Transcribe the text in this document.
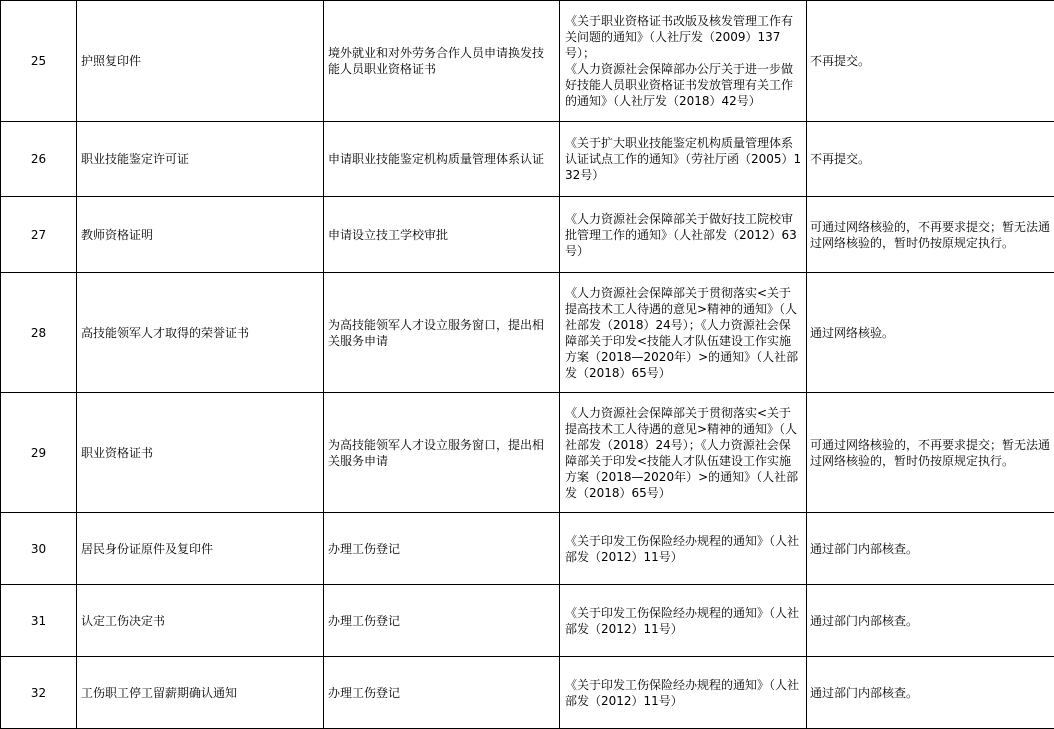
25	护照复印件	境外就业和对外劳务合作人员申请换发技能人员职业资格证书	《关于职业资格证书改版及核发管理工作有关问题的通知》（人社厅发（2009）137号）；
《人力资源社会保障部办公厅关于进一步做好技能人员职业资格证书发放管理有关工作的通知》（人社厅发（2018）42号）	不再提交。
26	职业技能鉴定许可证	申请职业技能鉴定机构质量管理体系认证	《关于扩大职业技能鉴定机构质量管理体系认证试点工作的通知》（劳社厅函（2005）132号）	不再提交。
27	教师资格证明	申请设立技工学校审批	《人力资源社会保障部关于做好技工院校审批管理工作的通知》（人社部发（2012）63号）	可通过网络核验的，不再要求提交；暂无法通过网络核验的，暂时仍按原规定执行。
28	高技能领军人才取得的荣誉证书	为高技能领军人才设立服务窗口，提出相关服务申请	《人力资源社会保障部关于贯彻落实<关于提高技术工人待遇的意见>精神的通知》（人社部发（2018）24号）；《人力资源社会保障部关于印发<技能人才队伍建设工作实施方案（2018—2020年）>的通知》（人社部发（2018）65号）	通过网络核验。
29	职业资格证书	为高技能领军人才设立服务窗口，提出相关服务申请	《人力资源社会保障部关于贯彻落实<关于提高技术工人待遇的意见>精神的通知》（人社部发（2018）24号）；《人力资源社会保障部关于印发<技能人才队伍建设工作实施方案（2018—2020年）>的通知》（人社部发（2018）65号）	可通过网络核验的，不再要求提交；暂无法通过网络核验的，暂时仍按原规定执行。
30	居民身份证原件及复印件	办理工伤登记	《关于印发工伤保险经办规程的通知》（人社部发（2012）11号）	通过部门内部核查。
31	认定工伤决定书	办理工伤登记	《关于印发工伤保险经办规程的通知》（人社部发（2012）11号）	通过部门内部核查。
32	工伤职工停工留薪期确认通知	办理工伤登记	《关于印发工伤保险经办规程的通知》（人社部发（2012）11号）	通过部门内部核查。
